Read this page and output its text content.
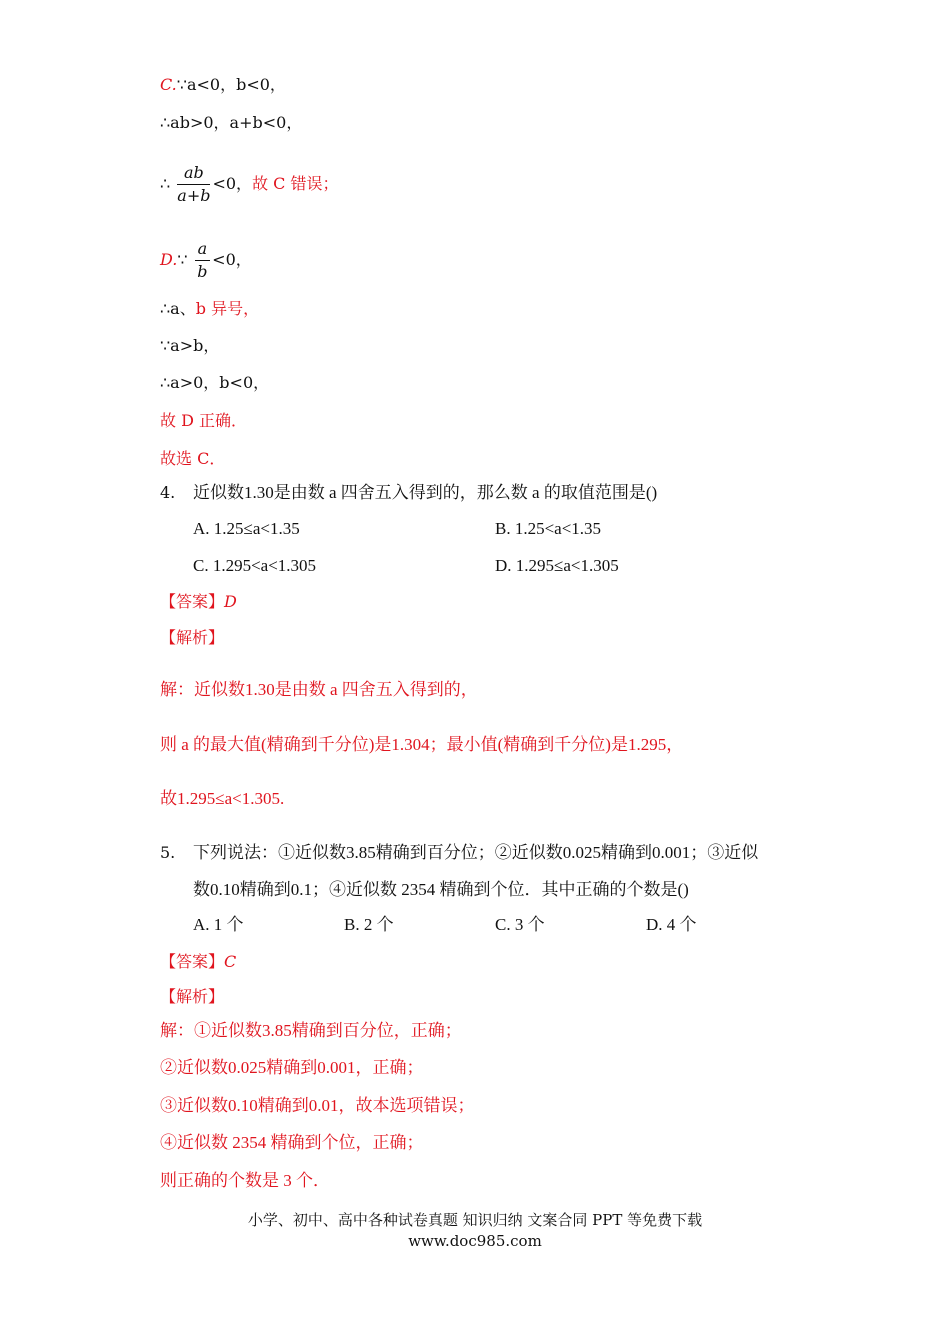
C.∵a<0，b<0，
∴ab>0，a+b<0，
∴ $\frac{ab}{a+b} <0$，故 C 错误；
D.∵ $\frac{a}{b} <0$，
∴a、b 异号，
∵a>b，
∴a>0，b<0，
故 D 正确．
故选 C．
4. 近似数1.30是由数 a 四舍五入得到的，那么数 a 的取值范围是()
A. 1.25≤a<1.35	B. 1.25<a<1.35
C. 1.295<a<1.305	D. 1.295≤a<1.305
【答案】D
【解析】
解：近似数1.30是由数 a 四舍五入得到的，
则 a 的最大值(精确到千分位)是1.304；最小值(精确到千分位)是1.295，
故1.295≤a<1.305.
5. 下列说法：①近似数3.85精确到百分位；②近似数0.025精确到0.001；③近似
数0.10精确到0.1；④近似数 2354 精确到个位．其中正确的个数是()
A. 1 个	B. 2 个	C. 3 个	D. 4 个
【答案】C
【解析】
解：①近似数3.85精确到百分位，正确；
②近似数0.025精确到0.001，正确；
③近似数0.10精确到0.01，故本选项错误；
④近似数 2354 精确到个位，正确；
则正确的个数是 3 个．
小学、初中、高中各种试卷真题 知识归纳 文案合同 PPT 等免费下载
www.doc985.com
